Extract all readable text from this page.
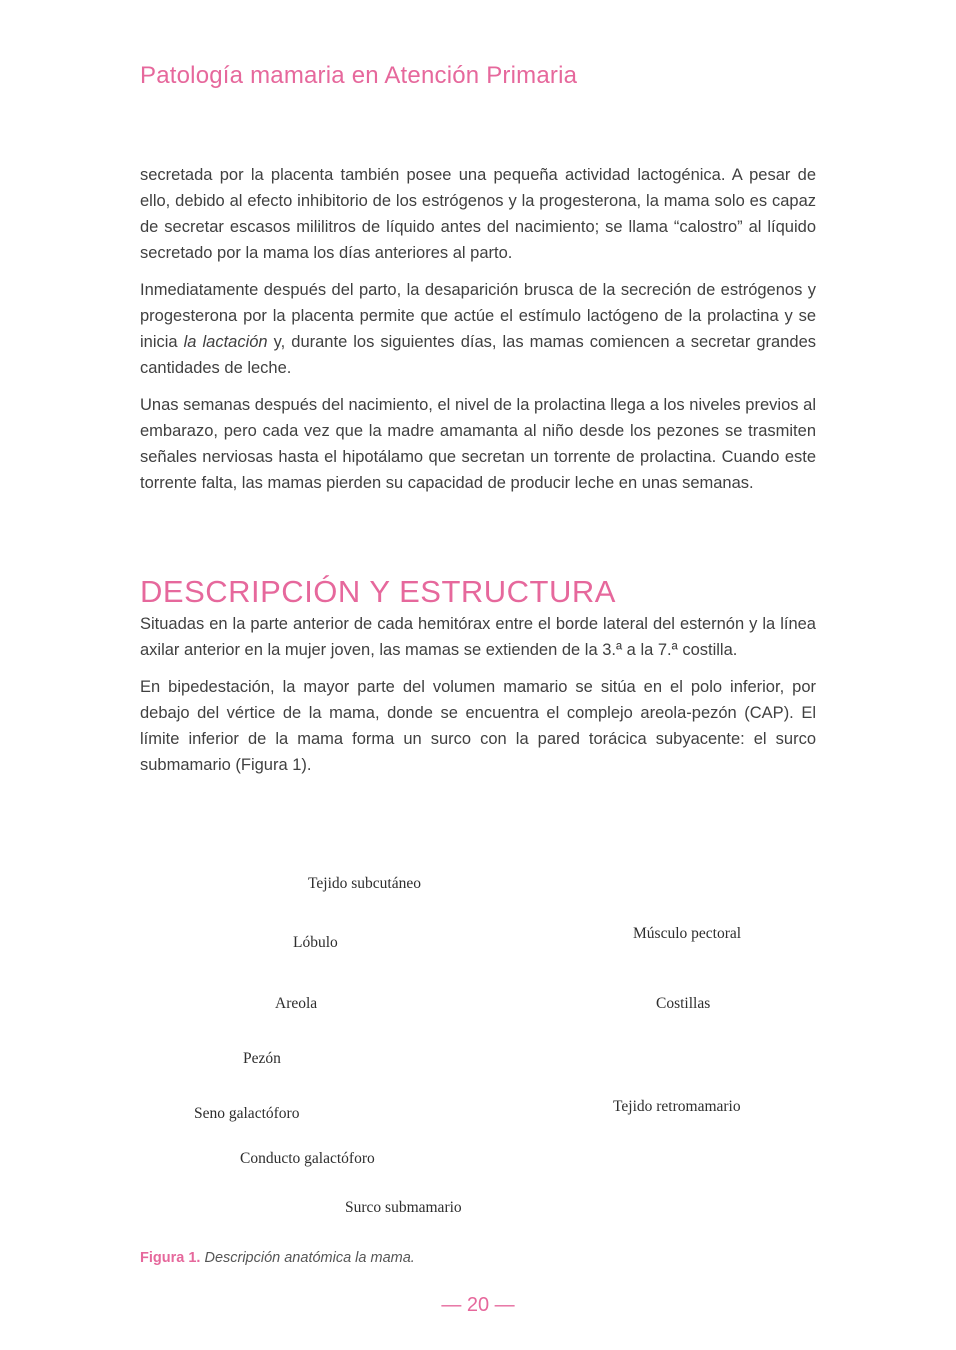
Patología mamaria en Atención Primaria

secretada por la placenta también posee una pequeña actividad lactogénica. A pesar de ello, debido al efecto inhibitorio de los estrógenos y la progesterona, la mama solo es capaz de secretar escasos mililitros de líquido antes del nacimiento; se llama “calostro” al líquido secretado por la mama los días anteriores al parto.

Inmediatamente después del parto, la desaparición brusca de la secreción de estrógenos y progesterona por la placenta permite que actúe el estímulo lactógeno de la prolactina y se inicia la lactación y, durante los siguientes días, las mamas comiencen a secretar grandes cantidades de leche.

Unas semanas después del nacimiento, el nivel de la prolactina llega a los niveles previos al embarazo, pero cada vez que la madre amamanta al niño desde los pezones se trasmiten señales nerviosas hasta el hipotálamo que secretan un torrente de prolactina. Cuando este torrente falta, las mamas pierden su capacidad de producir leche en unas semanas.

DESCRIPCIÓN Y ESTRUCTURA

Situadas en la parte anterior de cada hemitórax entre el borde lateral del esternón y la línea axilar anterior en la mujer joven, las mamas se extienden de la 3.ª a la 7.ª costilla.

En bipedestación, la mayor parte del volumen mamario se sitúa en el polo inferior, por debajo del vértice de la mama, donde se encuentra el complejo areola-pezón (CAP). El límite inferior de la mama forma un surco con la pared torácica subyacente: el surco submamario (Figura 1).

Tejido subcutáneo
Lóbulo
Areola
Pezón
Seno galactóforo
Conducto galactóforo
Surco submamario
Músculo pectoral
Costillas
Tejido retromamario
Figura 1. Descripción anatómica la mama.
— 20 —
